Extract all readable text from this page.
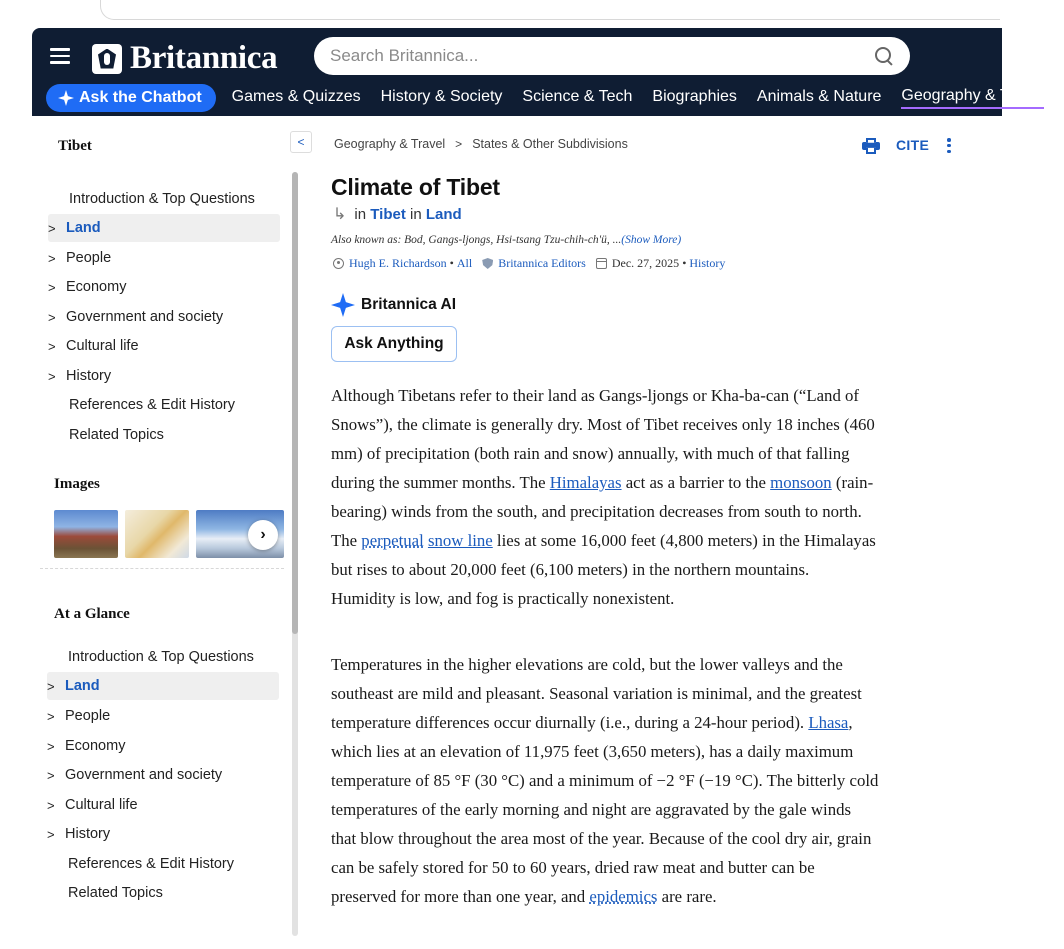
Britannica
Search Britannica...
Ask the Chatbot Games & Quizzes History & Society Science & Tech Biographies Animals & Nature Geography & Travel
Tibet
Introduction & Top Questions
> Land
> People
> Economy
> Government and society
> Cultural life
> History
References & Edit History
Related Topics
Images
›
At a Glance
Introduction & Top Questions
> Land
> People
> Economy
> Government and society
> Cultural life
> History
References & Edit History
Related Topics
< Geography & Travel > States & Other Subdivisions	CITE
Climate of Tibet
↳ in
Tibet
in
Land
Also known as: Bod, Gangs-ljongs, Hsi-tsang Tzu-chih-ch'ü, ...(Show More)
Hugh E. Richardson • All Britannica Editors Dec. 27, 2025 • History
Britannica AI
Ask Anything
Although Tibetans refer to their land as Gangs-ljongs or Kha-ba-can (“Land of
Snows”), the climate is generally dry. Most of Tibet receives only 18 inches (460
mm) of precipitation (both rain and snow) annually, with much of that falling
during the summer months. The Himalayas act as a barrier to the monsoon (rain-
bearing) winds from the south, and precipitation decreases from south to north.
The perpetual snow line lies at some 16,000 feet (4,800 meters) in the Himalayas
but rises to about 20,000 feet (6,100 meters) in the northern mountains.
Humidity is low, and fog is practically nonexistent.
Temperatures in the higher elevations are cold, but the lower valleys and the
southeast are mild and pleasant. Seasonal variation is minimal, and the greatest
temperature differences occur diurnally (i.e., during a 24-hour period). Lhasa,
which lies at an elevation of 11,975 feet (3,650 meters), has a daily maximum
temperature of 85 °F (30 °C) and a minimum of −2 °F (−19 °C). The bitterly cold
temperatures of the early morning and night are aggravated by the gale winds
that blow throughout the area most of the year. Because of the cool dry air, grain
can be safely stored for 50 to 60 years, dried raw meat and butter can be
preserved for more than one year, and epidemics are rare.
